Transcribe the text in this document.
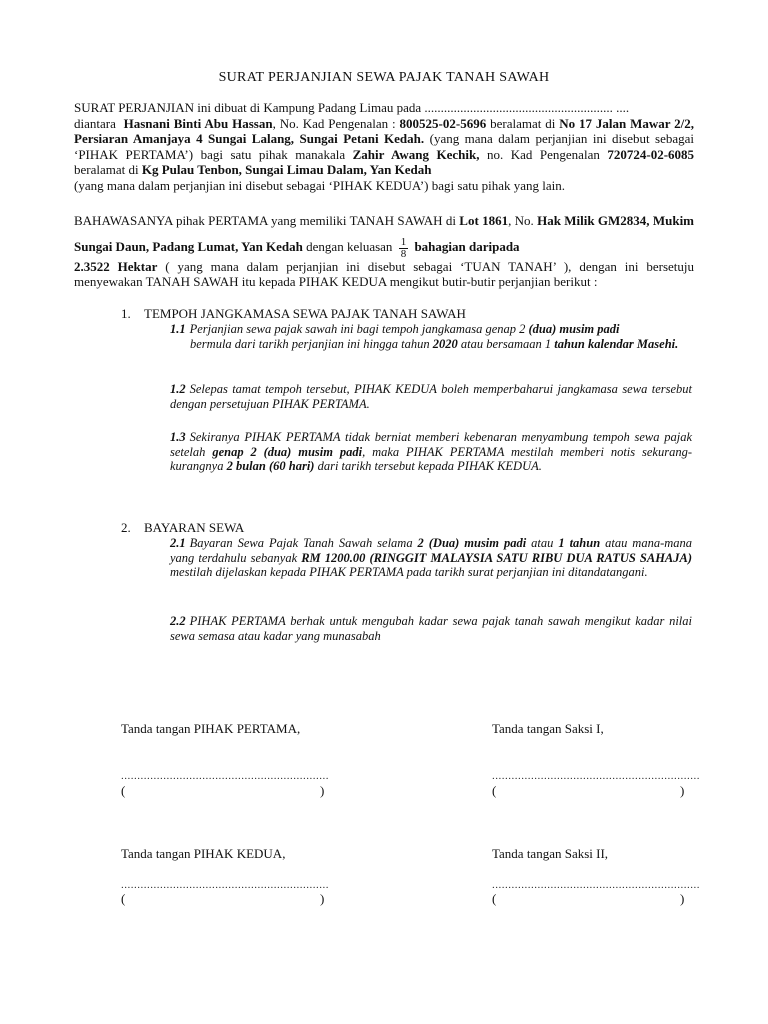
SURAT PERJANJIAN SEWA PAJAK TANAH SAWAH
SURAT PERJANJIAN ini dibuat di Kampung Padang Limau pada .......................................................... ....
diantara Hasnani Binti Abu Hassan, No. Kad Pengenalan : 800525-02-5696 beralamat di No 17 Jalan Mawar 2/2, Persiaran Amanjaya 4 Sungai Lalang, Sungai Petani Kedah. (yang mana dalam perjanjian ini disebut sebagai ‘PIHAK PERTAMA’) bagi satu pihak manakala Zahir Awang Kechik, no. Kad Pengenalan 720724-02-6085 beralamat di Kg Pulau Tenbon, Sungai Limau Dalam, Yan Kedah
(yang mana dalam perjanjian ini disebut sebagai ‘PIHAK KEDUA’) bagi satu pihak yang lain.
BAHAWASANYA pihak PERTAMA yang memiliki TANAH SAWAH di Lot 1861, No. Hak Milik GM2834, Mukim Sungai Daun, Padang Lumat, Yan Kedah dengan keluasan $\frac{1}{8}$ bahagian daripada
2.3522 Hektar ( yang mana dalam perjanjian ini disebut sebagai ‘TUAN TANAH’ ), dengan ini bersetuju menyewakan TANAH SAWAH itu kepada PIHAK KEDUA mengikut butir-butir perjanjian berikut :
1. TEMPOH JANGKAMASA SEWA PAJAK TANAH SAWAH
1.1 Perjanjian sewa pajak sawah ini bagi tempoh jangkamasa genap 2 (dua) musim padi
bermula dari tarikh perjanjian ini hingga tahun 2020 atau bersamaan 1 tahun kalendar Masehi.
1.2 Selepas tamat tempoh tersebut, PIHAK KEDUA boleh memperbaharui jangkamasa sewa tersebut dengan persetujuan PIHAK PERTAMA.
1.3 Sekiranya PIHAK PERTAMA tidak berniat memberi kebenaran menyambung tempoh sewa pajak setelah genap 2 (dua) musim padi, maka PIHAK PERTAMA mestilah memberi notis sekurang-kurangnya 2 bulan (60 hari) dari tarikh tersebut kepada PIHAK KEDUA.
2. BAYARAN SEWA
2.1 Bayaran Sewa Pajak Tanah Sawah selama 2 (Dua) musim padi atau 1 tahun atau mana-mana yang terdahulu sebanyak RM 1200.00 (RINGGIT MALAYSIA SATU RIBU DUA RATUS SAHAJA) mestilah dijelaskan kepada PIHAK PERTAMA pada tarikh surat perjanjian ini ditandatangani.
2.2 PIHAK PERTAMA berhak untuk mengubah kadar sewa pajak tanah sawah mengikut kadar nilai sewa semasa atau kadar yang munasabah
Tanda tangan PIHAK PERTAMA,	Tanda tangan Saksi I,
................................................................	................................................................
(	)	(	)
Tanda tangan PIHAK KEDUA,	Tanda tangan Saksi II,
................................................................	................................................................
(	)	(	)
